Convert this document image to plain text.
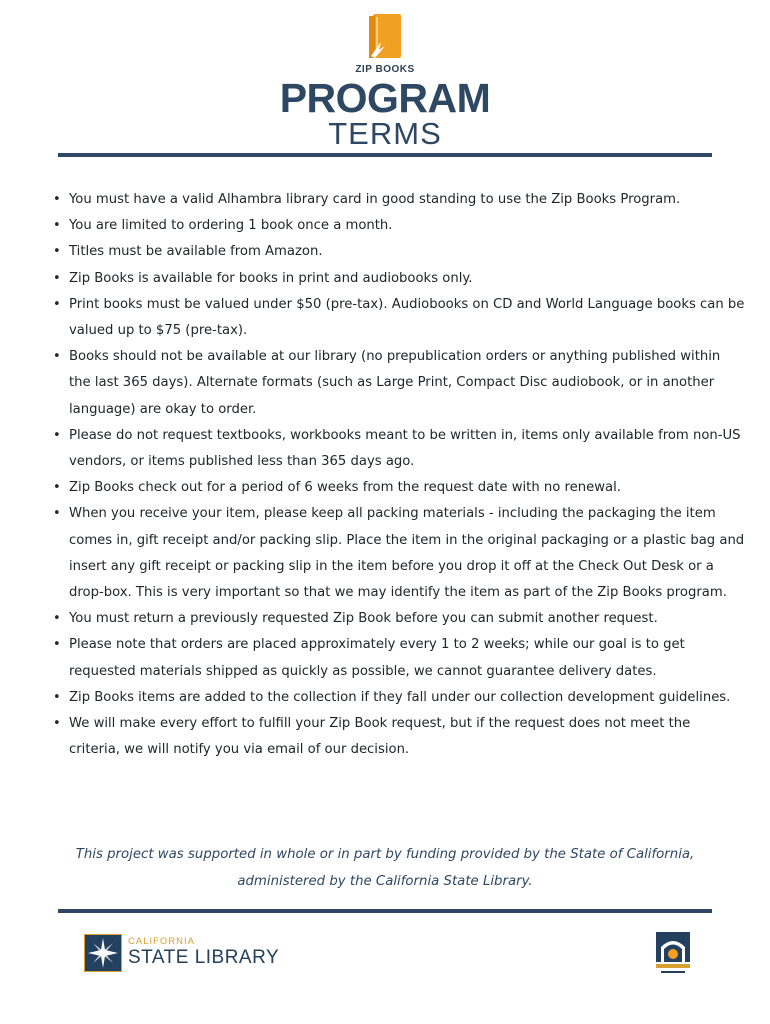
ZIP BOOKS
PROGRAM
TERMS
• You must have a valid Alhambra library card in good standing to use the Zip Books Program.
• You are limited to ordering 1 book once a month.
• Titles must be available from Amazon.
• Zip Books is available for books in print and audiobooks only.
• Print books must be valued under $50 (pre-tax). Audiobooks on CD and World Language books can be valued up to $75 (pre-tax).
• Books should not be available at our library (no prepublication orders or anything published within the last 365 days). Alternate formats (such as Large Print, Compact Disc audiobook, or in another language) are okay to order.
• Please do not request textbooks, workbooks meant to be written in, items only available from non-US vendors, or items published less than 365 days ago.
• Zip Books check out for a period of 6 weeks from the request date with no renewal.
• When you receive your item, please keep all packing materials - including the packaging the item comes in, gift receipt and/or packing slip. Place the item in the original packaging or a plastic bag and insert any gift receipt or packing slip in the item before you drop it off at the Check Out Desk or a drop-box. This is very important so that we may identify the item as part of the Zip Books program.
• You must return a previously requested Zip Book before you can submit another request.
• Please note that orders are placed approximately every 1 to 2 weeks; while our goal is to get requested materials shipped as quickly as possible, we cannot guarantee delivery dates.
• Zip Books items are added to the collection if they fall under our collection development guidelines.
• We will make every effort to fulfill your Zip Book request, but if the request does not meet the criteria, we will notify you via email of our decision.
This project was supported in whole or in part by funding provided by the State of California,
administered by the California State Library.
CALIFORNIA
STATE LIBRARY
